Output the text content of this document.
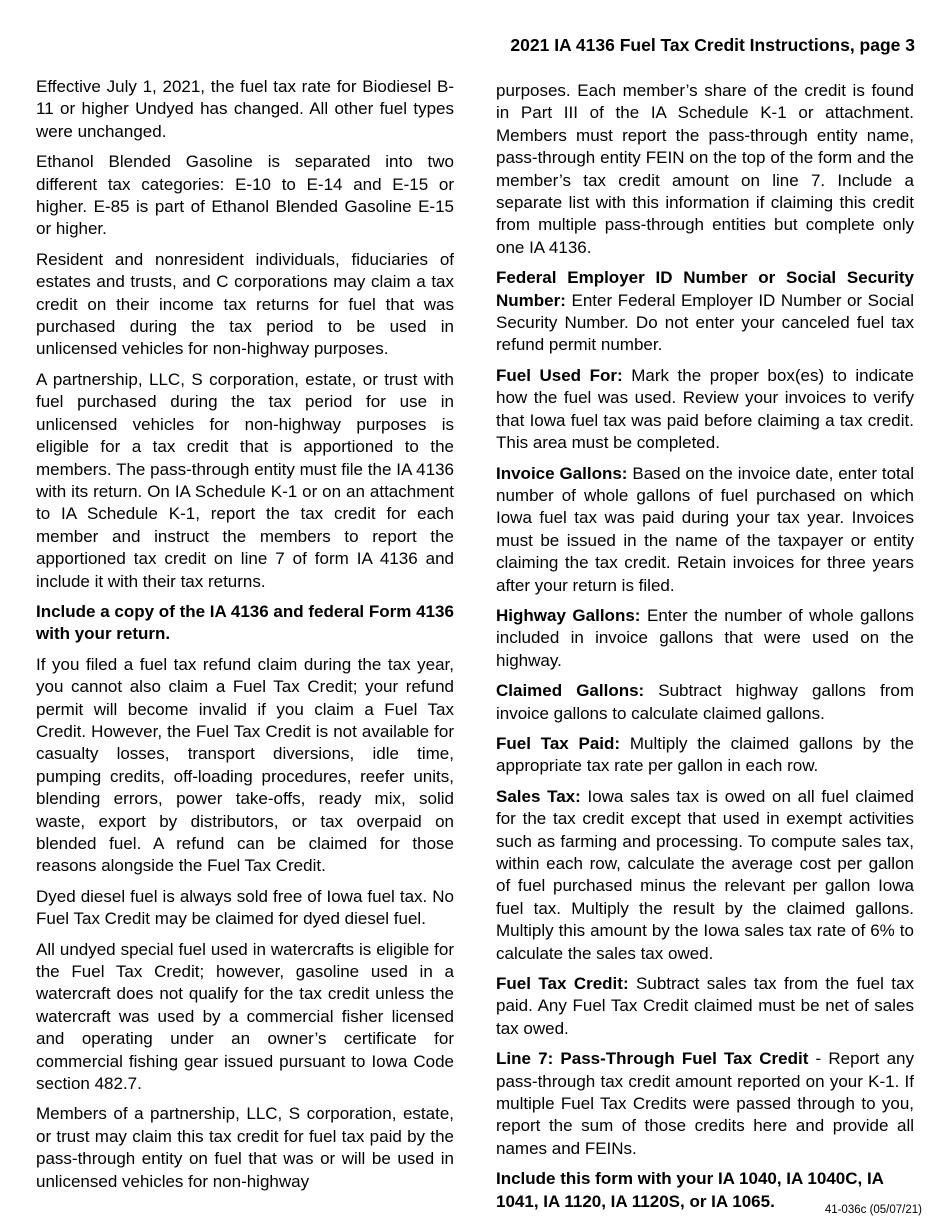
2021 IA 4136 Fuel Tax Credit Instructions, page 3

Effective July 1, 2021, the fuel tax rate for Biodiesel B-11 or higher Undyed has changed. All other fuel types were unchanged.

Ethanol Blended Gasoline is separated into two different tax categories: E-10 to E-14 and E-15 or higher. E-85 is part of Ethanol Blended Gasoline E-15 or higher.

Resident and nonresident individuals, fiduciaries of estates and trusts, and C corporations may claim a tax credit on their income tax returns for fuel that was purchased during the tax period to be used in unlicensed vehicles for non-highway purposes.

A partnership, LLC, S corporation, estate, or trust with fuel purchased during the tax period for use in unlicensed vehicles for non-highway purposes is eligible for a tax credit that is apportioned to the members. The pass-through entity must file the IA 4136 with its return. On IA Schedule K-1 or on an attachment to IA Schedule K-1, report the tax credit for each member and instruct the members to report the apportioned tax credit on line 7 of form IA 4136 and include it with their tax returns.

Include a copy of the IA 4136 and federal Form 4136 with your return.

If you filed a fuel tax refund claim during the tax year, you cannot also claim a Fuel Tax Credit; your refund permit will become invalid if you claim a Fuel Tax Credit. However, the Fuel Tax Credit is not available for casualty losses, transport diversions, idle time, pumping credits, off-loading procedures, reefer units, blending errors, power take-offs, ready mix, solid waste, export by distributors, or tax overpaid on blended fuel. A refund can be claimed for those reasons alongside the Fuel Tax Credit.

Dyed diesel fuel is always sold free of Iowa fuel tax. No Fuel Tax Credit may be claimed for dyed diesel fuel.

All undyed special fuel used in watercrafts is eligible for the Fuel Tax Credit; however, gasoline used in a watercraft does not qualify for the tax credit unless the watercraft was used by a commercial fisher licensed and operating under an owner’s certificate for commercial fishing gear issued pursuant to Iowa Code section 482.7.

Members of a partnership, LLC, S corporation, estate, or trust may claim this tax credit for fuel tax paid by the pass-through entity on fuel that was or will be used in unlicensed vehicles for non-highway

purposes. Each member’s share of the credit is found in Part III of the IA Schedule K-1 or attachment. Members must report the pass-through entity name, pass-through entity FEIN on the top of the form and the member’s tax credit amount on line 7. Include a separate list with this information if claiming this credit from multiple pass-through entities but complete only one IA 4136.

Federal Employer ID Number or Social Security Number: Enter Federal Employer ID Number or Social Security Number. Do not enter your canceled fuel tax refund permit number.

Fuel Used For: Mark the proper box(es) to indicate how the fuel was used. Review your invoices to verify that Iowa fuel tax was paid before claiming a tax credit. This area must be completed.

Invoice Gallons: Based on the invoice date, enter total number of whole gallons of fuel purchased on which Iowa fuel tax was paid during your tax year. Invoices must be issued in the name of the taxpayer or entity claiming the tax credit. Retain invoices for three years after your return is filed.

Highway Gallons: Enter the number of whole gallons included in invoice gallons that were used on the highway.

Claimed Gallons: Subtract highway gallons from invoice gallons to calculate claimed gallons.

Fuel Tax Paid: Multiply the claimed gallons by the appropriate tax rate per gallon in each row.

Sales Tax: Iowa sales tax is owed on all fuel claimed for the tax credit except that used in exempt activities such as farming and processing. To compute sales tax, within each row, calculate the average cost per gallon of fuel purchased minus the relevant per gallon Iowa fuel tax. Multiply the result by the claimed gallons. Multiply this amount by the Iowa sales tax rate of 6% to calculate the sales tax owed.

Fuel Tax Credit: Subtract sales tax from the fuel tax paid. Any Fuel Tax Credit claimed must be net of sales tax owed.

Line 7: Pass-Through Fuel Tax Credit - Report any pass-through tax credit amount reported on your K-1. If multiple Fuel Tax Credits were passed through to you, report the sum of those credits here and provide all names and FEINs.

Include this form with your IA 1040, IA 1040C, IA 1041, IA 1120, IA 1120S, or IA 1065.	41-036c (05/07/21)
